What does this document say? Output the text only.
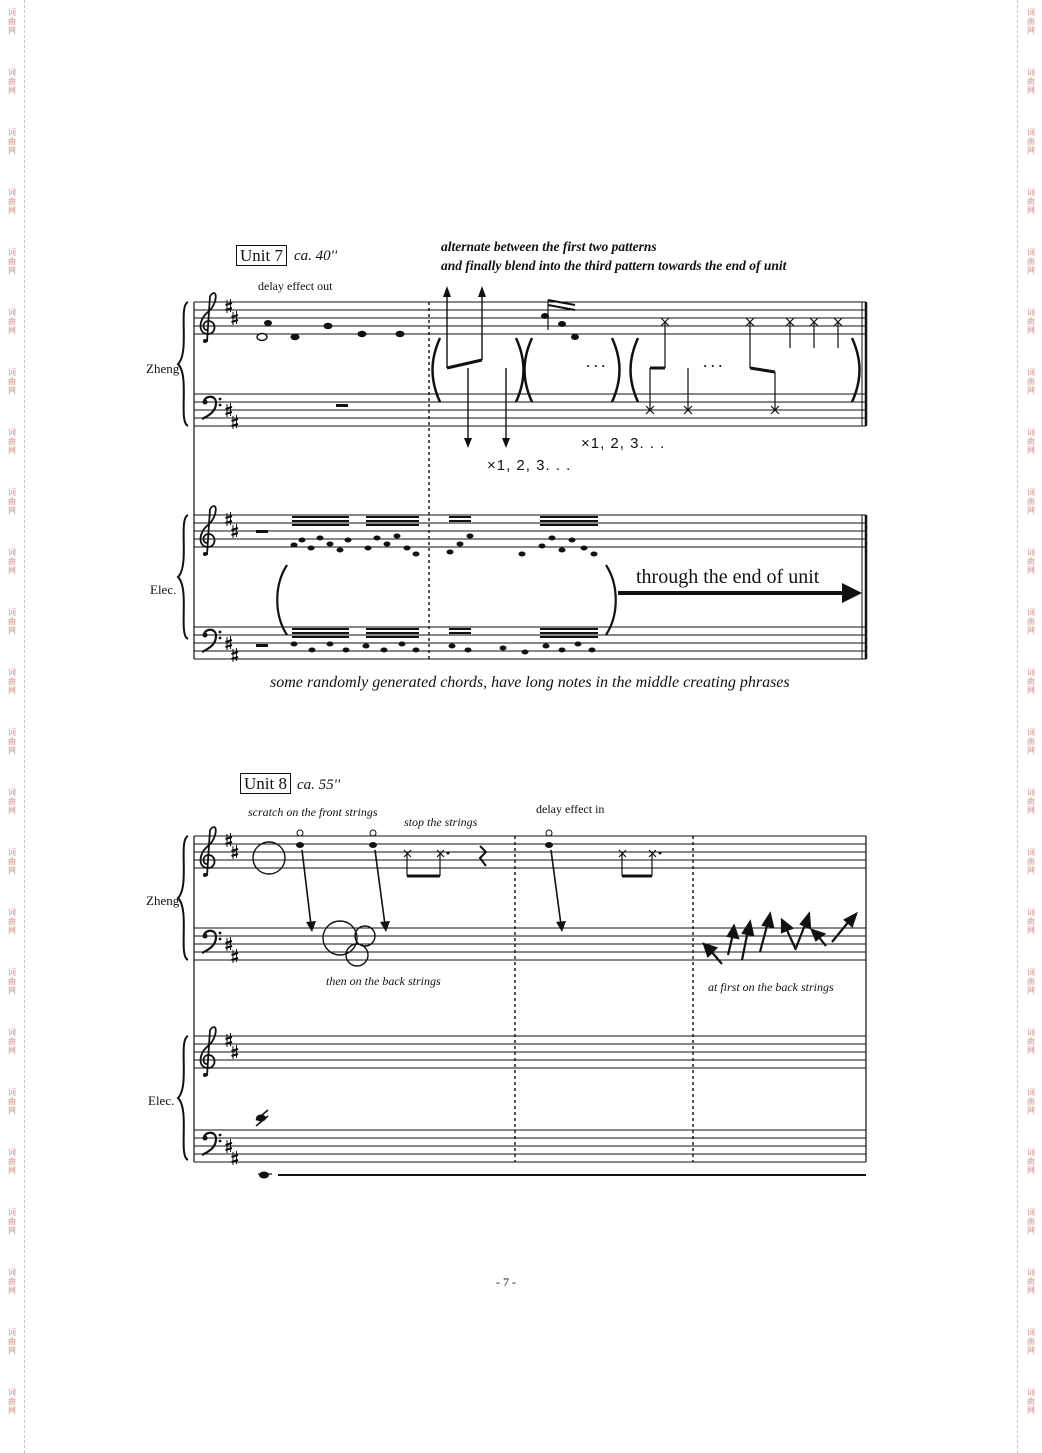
词
曲
网
词
曲
网
词
曲
网
词
曲
网
词
曲
网
词
曲
网
词
曲
网
词
曲
网
词
曲
网
词
曲
网
词
曲
网
词
曲
网
词
曲
网
词
曲
网
词
曲
网
词
曲
网
词
曲
网
词
曲
网
词
曲
网
词
曲
网
词
曲
网
词
曲
网
词
曲
网
词
曲
网
词
曲
网
词
曲
网
词
曲
网
词
曲
网
词
曲
网
词
曲
网
词
曲
网
词
曲
网
词
曲
网
词
曲
网
词
曲
网
词
曲
网
词
曲
网
词
曲
网
词
曲
网
词
曲
网
词
曲
网
词
曲
网
词
曲
网
词
曲
网
词
曲
网
词
曲
网
词
曲
网
词
曲
网
Unit 7 ca. 40''
alternate between the first two patterns
and finally blend into the third pattern towards the end of unit
delay effect out
Zheng
Elec.
×1, 2, 3. . .
×1, 2, 3. . .
· · ·	· · ·
through the end of unit
some randomly generated chords, have long notes in the middle creating phrases
Unit 8 ca. 55''
scratch on the front strings
stop the strings
delay effect in
Zheng
then on the back strings	at first on the back strings
Elec.
- 7 -
